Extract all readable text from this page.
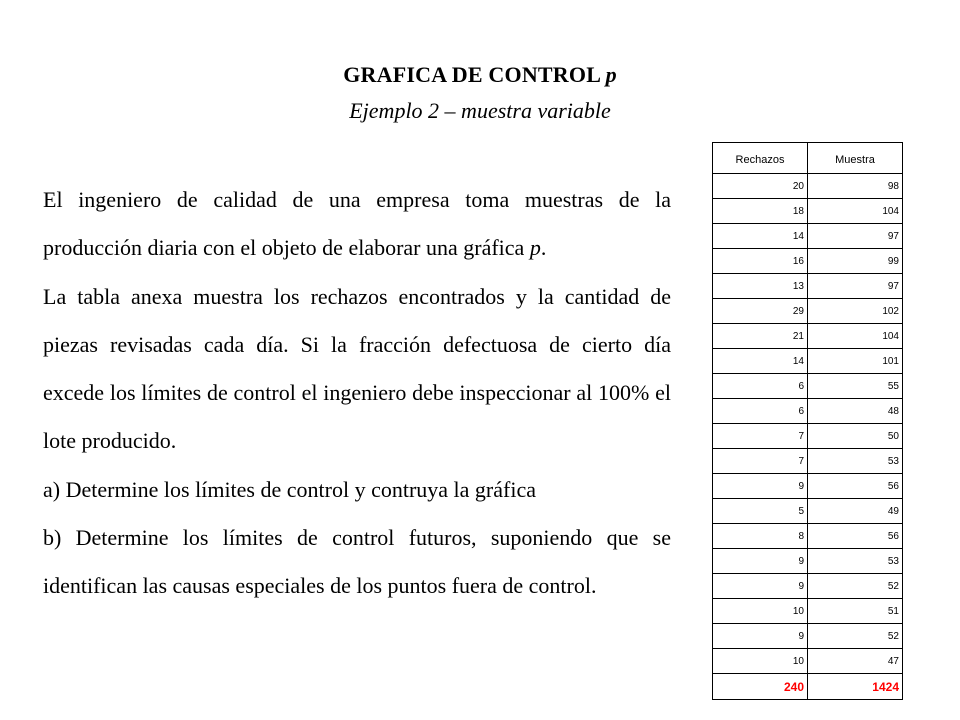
GRAFICA DE CONTROL p
Ejemplo 2 – muestra variable

El ingeniero de calidad de una empresa toma muestras de la producción diaria con el objeto de elaborar una gráfica p.

La tabla anexa muestra los rechazos encontrados y la cantidad de piezas revisadas cada día. Si la fracción defectuosa de cierto día excede los límites de control el ingeniero debe inspeccionar al 100% el lote producido.

a) Determine los límites de control y contruya la gráfica

b) Determine los límites de control futuros, suponiendo que se identifican las causas especiales de los puntos fuera de control.

Rechazos	Muestra
20	98
18	104
14	97
16	99
13	97
29	102
21	104
14	101
6	55
6	48
7	50
7	53
9	56
5	49
8	56
9	53
9	52
10	51
9	52
10	47
240	1424
